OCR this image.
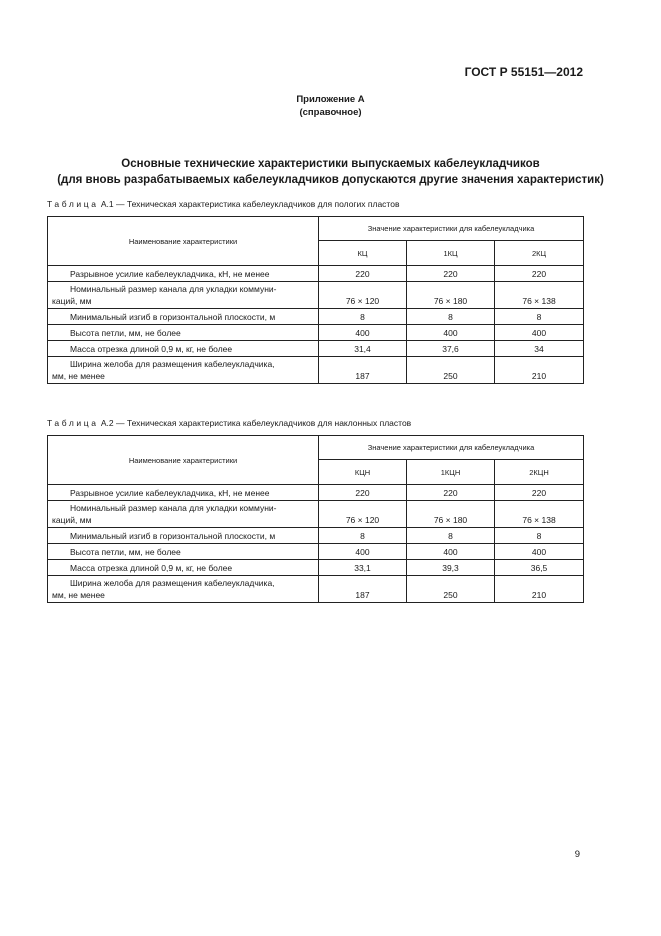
ГОСТ Р 55151—2012
Приложение А
(справочное)
Основные технические характеристики выпускаемых кабелеукладчиков
(для вновь разрабатываемых кабелеукладчиков допускаются другие значения характеристик)
Таблица А.1 — Техническая характеристика кабелеукладчиков для пологих пластов
Наименование характеристики	Значение характеристики для кабелеукладчика		
	КЦ	1КЦ	2КЦ

Разрывное усилие кабелеукладчика, кН, не менее	220	220	220

Номинальный размер канала для укладки коммуни-
каций, мм	76 × 120	76 × 180	76 × 138

Минимальный изгиб в горизонтальной плоскости, м	8	8	8

Высота петли, мм, не более	400	400	400

Масса отрезка длиной 0,9 м, кг, не более	31,4	37,6	34

Ширина желоба для размещения кабелеукладчика,
мм, не менее	187	250	210
Таблица А.2 — Техническая характеристика кабелеукладчиков для наклонных пластов
Наименование характеристики	Значение характеристики для кабелеукладчика		
	КЦН	1КЦН	2КЦН

Разрывное усилие кабелеукладчика, кН, не менее	220	220	220

Номинальный размер канала для укладки коммуни-
каций, мм	76 × 120	76 × 180	76 × 138

Минимальный изгиб в горизонтальной плоскости, м	8	8	8

Высота петли, мм, не более	400	400	400

Масса отрезка длиной 0,9 м, кг, не более	33,1	39,3	36,5

Ширина желоба для размещения кабелеукладчика,
мм, не менее	187	250	210
9
